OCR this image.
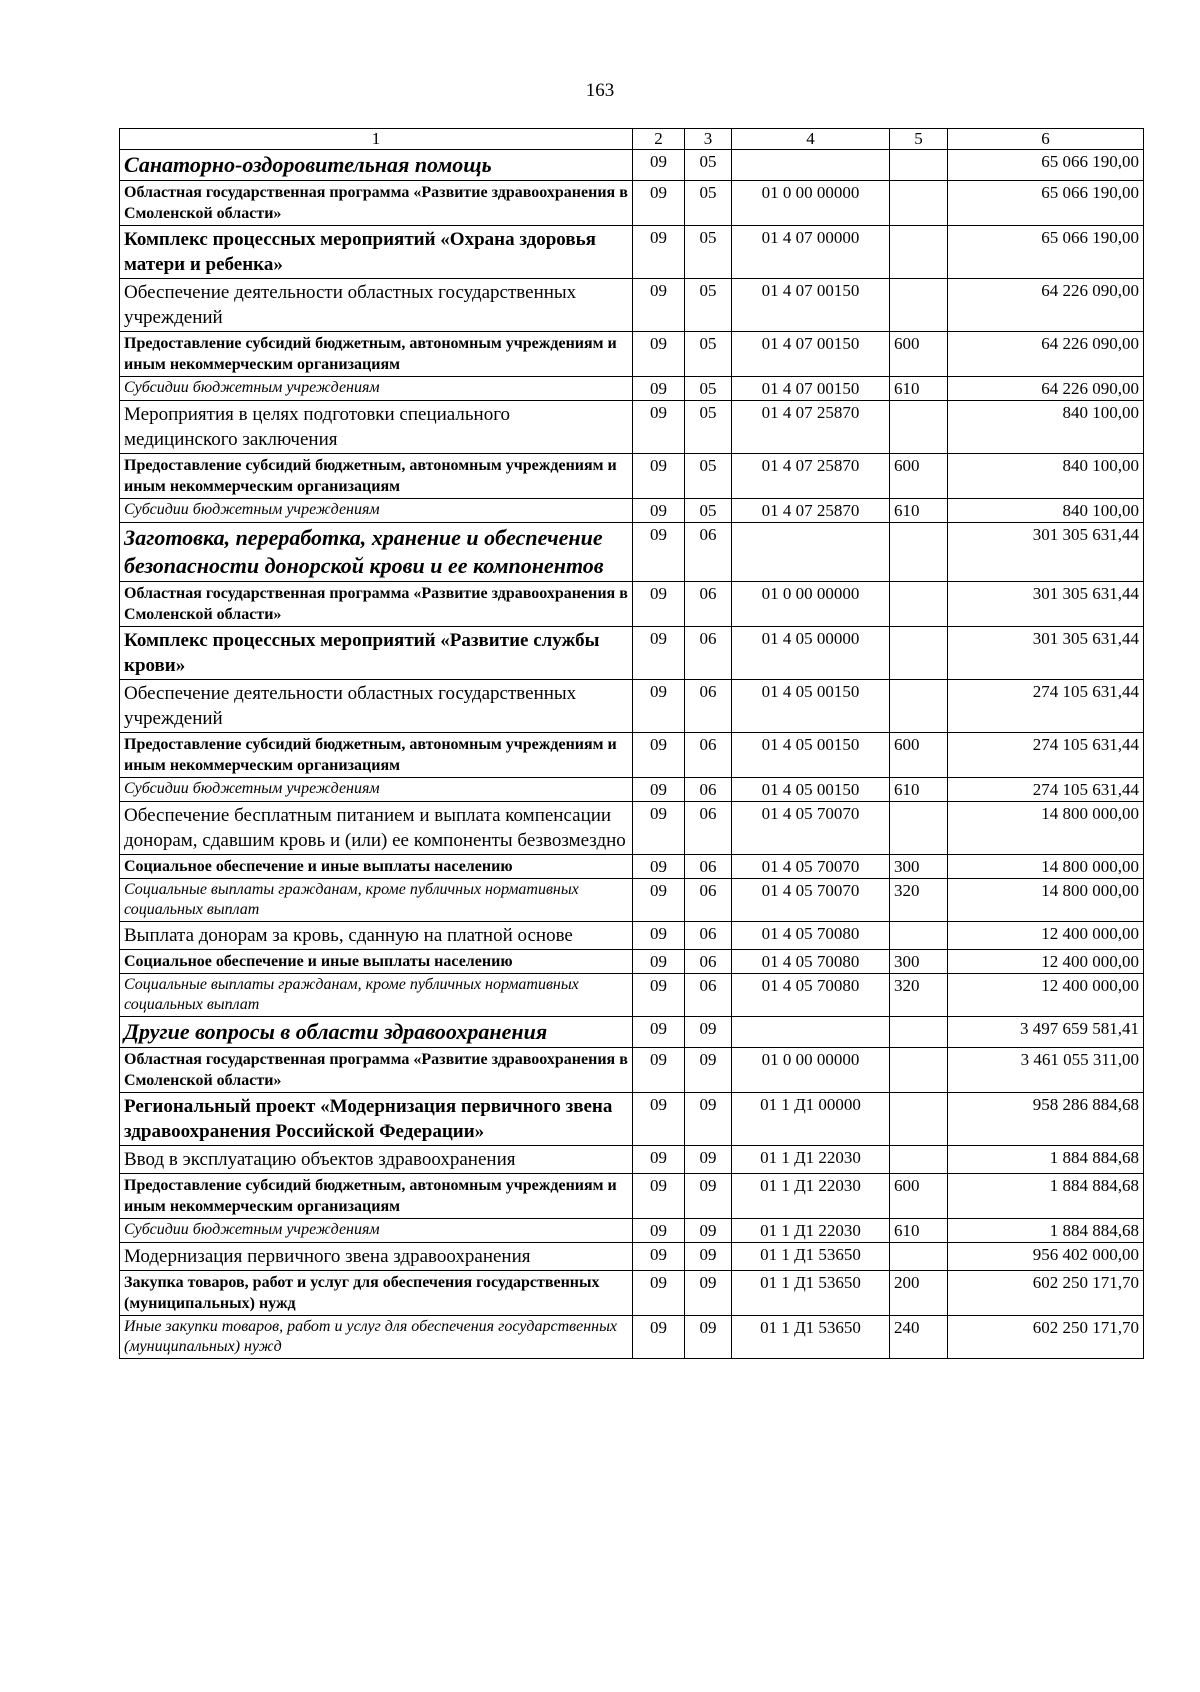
163
1	2	3	4	5	6
Санаторно-оздоровительная помощь	09	05			65 066 190,00
Областная государственная программа «Развитие здравоохранения в Смоленской области»	09	05	01 0 00 00000		65 066 190,00
Комплекс процессных мероприятий «Охрана здоровья матери и ребенка»	09	05	01 4 07 00000		65 066 190,00
Обеспечение деятельности областных государственных учреждений	09	05	01 4 07 00150		64 226 090,00
Предоставление субсидий бюджетным, автономным учреждениям и иным некоммерческим организациям	09	05	01 4 07 00150	600	64 226 090,00
Субсидии бюджетным учреждениям	09	05	01 4 07 00150	610	64 226 090,00
Мероприятия в целях подготовки специального медицинского заключения	09	05	01 4 07 25870		840 100,00
Предоставление субсидий бюджетным, автономным учреждениям и иным некоммерческим организациям	09	05	01 4 07 25870	600	840 100,00
Субсидии бюджетным учреждениям	09	05	01 4 07 25870	610	840 100,00
Заготовка, переработка, хранение и обеспечение безопасности донорской крови и ее компонентов	09	06			301 305 631,44
Областная государственная программа «Развитие здравоохранения в Смоленской области»	09	06	01 0 00 00000		301 305 631,44
Комплекс процессных мероприятий «Развитие службы крови»	09	06	01 4 05 00000		301 305 631,44
Обеспечение деятельности областных государственных учреждений	09	06	01 4 05 00150		274 105 631,44
Предоставление субсидий бюджетным, автономным учреждениям и иным некоммерческим организациям	09	06	01 4 05 00150	600	274 105 631,44
Субсидии бюджетным учреждениям	09	06	01 4 05 00150	610	274 105 631,44
Обеспечение бесплатным питанием и выплата компенсации донорам, сдавшим кровь и (или) ее компоненты безвозмездно	09	06	01 4 05 70070		14 800 000,00
Социальное обеспечение и иные выплаты населению	09	06	01 4 05 70070	300	14 800 000,00
Социальные выплаты гражданам, кроме публичных нормативных социальных выплат	09	06	01 4 05 70070	320	14 800 000,00
Выплата донорам за кровь, сданную на платной основе	09	06	01 4 05 70080		12 400 000,00
Социальное обеспечение и иные выплаты населению	09	06	01 4 05 70080	300	12 400 000,00
Социальные выплаты гражданам, кроме публичных нормативных социальных выплат	09	06	01 4 05 70080	320	12 400 000,00
Другие вопросы в области здравоохранения	09	09			3 497 659 581,41
Областная государственная программа «Развитие здравоохранения в Смоленской области»	09	09	01 0 00 00000		3 461 055 311,00
Региональный проект «Модернизация первичного звена здравоохранения Российской Федерации»	09	09	01 1 Д1 00000		958 286 884,68
Ввод в эксплуатацию объектов здравоохранения	09	09	01 1 Д1 22030		1 884 884,68
Предоставление субсидий бюджетным, автономным учреждениям и иным некоммерческим организациям	09	09	01 1 Д1 22030	600	1 884 884,68
Субсидии бюджетным учреждениям	09	09	01 1 Д1 22030	610	1 884 884,68
Модернизация первичного звена здравоохранения	09	09	01 1 Д1 53650		956 402 000,00
Закупка товаров, работ и услуг для обеспечения государственных (муниципальных) нужд	09	09	01 1 Д1 53650	200	602 250 171,70
Иные закупки товаров, работ и услуг для обеспечения государственных (муниципальных) нужд	09	09	01 1 Д1 53650	240	602 250 171,70
